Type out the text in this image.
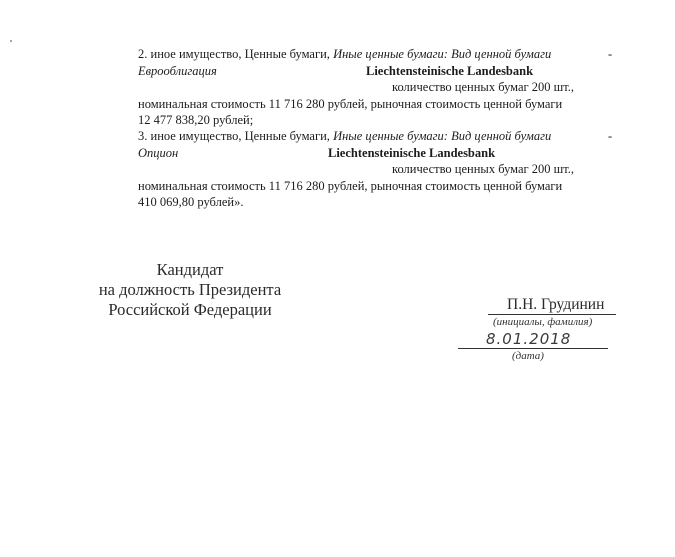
2. иное имущество, Ценные бумаги, Иные ценные бумаги: Вид ценной бумаги	-
Еврооблигация	Liechtensteinische Landesbank
количество ценных бумаг 200 шт.,
номинальная стоимость 11 716 280 рублей, рыночная стоимость ценной бумаги
12 477 838,20 рублей;
3. иное имущество, Ценные бумаги, Иные ценные бумаги: Вид ценной бумаги	-
Опцион	Liechtensteinische Landesbank
количество ценных бумаг 200 шт.,
номинальная стоимость 11 716 280 рублей, рыночная стоимость ценной бумаги
410 069,80 рублей».
Кандидат
на должность Президента
Российской Федерации	П.Н. Грудинин
(инициалы, фамилия)
8.01.2018
(дата)
